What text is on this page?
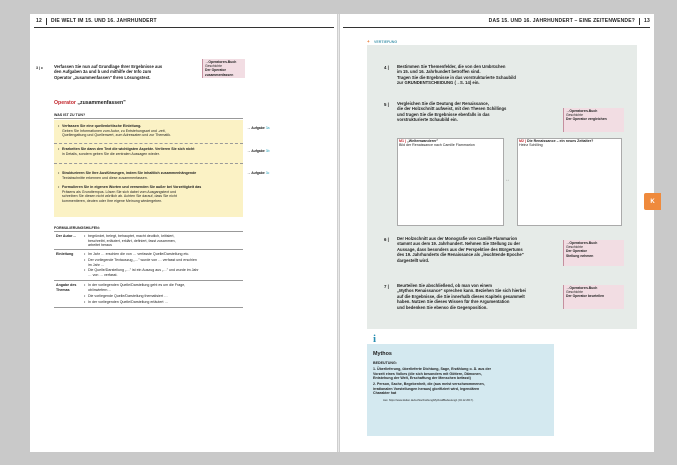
12 DIE WELT IM 15. UND 16. JAHRHUNDERT	DAS 15. UND 16. JAHRHUNDERT – EINE ZEITENWENDE? 13
3 | c	Verfassen Sie nun auf Grundlage Ihrer Ergebnisse aus
den Aufgaben 3a und b und mithilfe der Info zum
Operator „zusammenfassen" Ihren Lösungstext.
→Operatoren-Buch
Geschichte
Der Operator
zusammenfassen
Operator „zusammenfassen"
WAS IST ZU TUN?
• Verfassen Sie eine quellenkritische Einleitung.
Geben Sie Informationen zum Autor, zu Entstehungsart und -zeit,
Quellengattung und Quellenwert, zum Adressaten und zur Thematik.
• Erarbeiten Sie dann den Text die wichtigsten Aspekte. Verlieren Sie sich nicht
in Details, sondern geben Sie die zentralen Aussagen wieder.
• Strukturieren Sie Ihre Ausführungen, indem Sie inhaltlich zusammenhängende
Textabschnitte erkennen und diese zusammenfassen.
• Formulieren Sie in eigenen Worten und verwenden Sie außer bei Vorzeitigkeit das
Präsens als Grundtempus. Lösen Sie sich dabei vom Ausgangstext und
schreiben Sie diesen nicht wörtlich ab. Achten Sie darauf, dass Sie nicht
kommentieren, deuten oder Ihre eigene Meinung wiedergeben.
→ Aufgabe 3a
→ Aufgabe 3b
→ Aufgabe 3c
FORMULIERUNGSHILFEN:
Der Autor…	• begründet, belegt, behauptet, macht deutlich, kritisiert,
beschreibt, erläutert, erklärt, definiert, fasst zusammen,
arbeitet heraus
Einleitung	• Im Jahr … erschien die von … verfasste Quelle/Darstellung etc.
• Der vorliegende Textauszug „…" wurde von … verfasst und erschien
im Jahr …
• Die Quelle/Darstellung „…" ist ein Auszug aus „…" und wurde im Jahr
… von … verfasst.
Angabe des Themas
• In der vorliegenden Quelle/Darstellung geht es um die Frage,
ob/inwiefern…
• Die vorliegende Quelle/Darstellung thematisiert …
• In der vorliegenden Quelle/Darstellung erläutert …
+ VERTIEFUNG
4 | Bestimmen Sie Themenfelder, die von den Umbrüchen
im 15. und 16. Jahrhundert betroffen sind.
Tragen Sie die Ergebnisse in das vorstrukturierte Schaubild
zur GRUNDENTSCHEIDUNG (→S. 14) ein.
5 | Vergleichen Sie die Deutung der Renaissance,
die der Holzschnitt aufweist, mit den Thesen Schillings
und tragen Sie die Ergebnisse ebenfalls in das
vorstrukturierte Schaubild ein.
→Operatoren-Buch
Geschichte
Der Operator vergleichen
M1 | „Weltenwanderer"
Bild der Renaissance nach Camille Flammarion
M2 | Die Renaissance – ein neues Zeitalter?
Heinz Schilling
↔
6 | Der Holzschnitt aus der Monografie von Camille Flammarion
stammt aus dem 19. Jahrhundert. Nehmen Sie Stellung zu der
Aussage, dass besonders aus der Perspektive des Bürgertums
des 19. Jahrhunderts die Renaissance als „leuchtende Epoche"
dargestellt wird.
→Operatoren-Buch
Geschichte
Der Operator
Stellung nehmen
7 | Beurteilen Sie abschließend, ob man von einem
„Mythos Renaissance" sprechen kann. Beziehen Sie sich hierbei
auf die Ergebnisse, die Sie innerhalb dieses Kapitels gesammelt
haben. Nutzen Sie dieses Wissen für Ihre Argumentation
und bedenken Sie ebenso die Gegenposition.
→Operatoren-Buch
Geschichte
Der Operator beurteilen
i
Mythos
BEDEUTUNG:
1. Überlieferung, überlieferte Dichtung, Sage, Erzählung o. Ä. aus der
Vorzeit eines Volkes (die sich besonders mit Göttern, Dämonen,
Entstehung der Welt, Erschaffung der Menschen befasst)
2. Person, Sache, Begebenheit, die (aus meist verschwommenen,
irrationalen Vorstellungen heraus) glorifiziert wird, legendären
Charakter hat
Aus: https://www.duden.de/rechtschreibung/Mythos#Bedeutung1 (04.12.2017).
K
